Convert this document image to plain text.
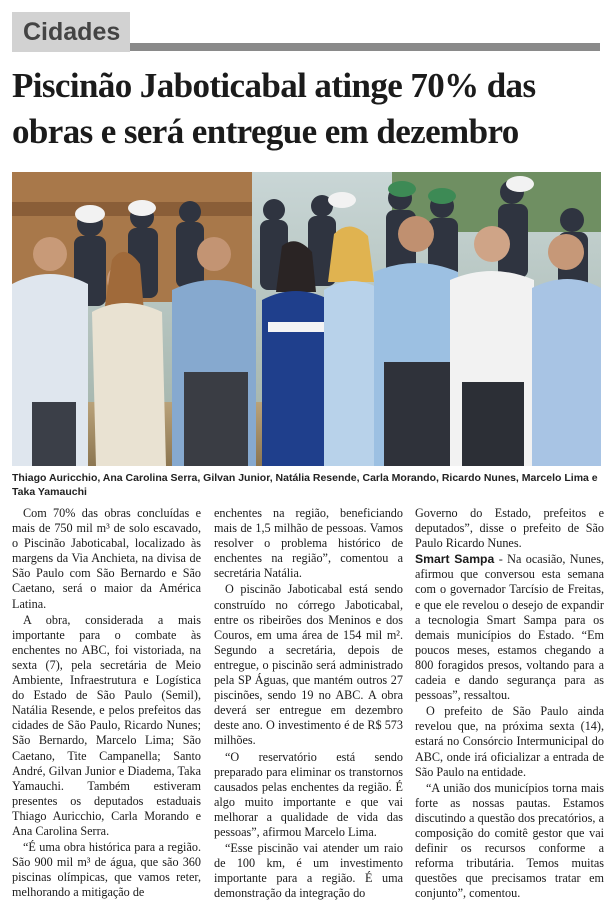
Cidades
Piscinão Jaboticabal atinge 70% das
obras e será entregue em dezembro

Thiago Auricchio, Ana Carolina Serra, Gilvan Junior, Natália Resende, Carla Morando, Ricardo Nunes, Marcelo Lima e Taka Yamauchi

Com 70% das obras concluídas e mais de 750 mil m³ de solo escavado, o Piscinão Jaboticabal, localizado às margens da Via Anchieta, na divisa de São Paulo com São Bernardo e São Caetano, será o maior da América Latina.

A obra, considerada a mais importante para o combate às enchentes no ABC, foi vistoriada, na sexta (7), pela secretária de Meio Ambiente, Infraestrutura e Logística do Estado de São Paulo (Semil), Natália Resende, e pelos prefeitos das cidades de São Paulo, Ricardo Nunes; São Bernardo, Marcelo Lima; São Caetano, Tite Campanella; Santo André, Gilvan Junior e Diadema, Taka Yamauchi. Também estiveram presentes os deputados estaduais Thiago Auricchio, Carla Morando e Ana Carolina Serra.

“É uma obra histórica para a região. São 900 mil m³ de água, que são 360 piscinas olímpicas, que vamos reter, melhorando a mitigação de

enchentes na região, beneficiando mais de 1,5 milhão de pessoas. Vamos resolver o problema histórico de enchentes na região”, comentou a secretária Natália.

O piscinão Jaboticabal está sendo construído no córrego Jaboticabal, entre os ribeirões dos Meninos e dos Couros, em uma área de 154 mil m². Segundo a secretária, depois de entregue, o piscinão será administrado pela SP Águas, que mantém outros 27 piscinões, sendo 19 no ABC. A obra deverá ser entregue em dezembro deste ano. O investimento é de R$ 573 milhões.

“O reservatório está sendo preparado para eliminar os transtornos causados pelas enchentes da região. É algo muito importante e que vai melhorar a qualidade de vida das pessoas”, afirmou Marcelo Lima.

“Esse piscinão vai atender um raio de 100 km, é um investimento importante para a região. É uma demonstração da integração do

Governo do Estado, prefeitos e deputados”, disse o prefeito de São Paulo Ricardo Nunes.

Smart Sampa - Na ocasião, Nunes, afirmou que conversou esta semana com o governador Tarcísio de Freitas, e que ele revelou o desejo de expandir a tecnologia Smart Sampa para os demais municípios do Estado. “Em poucos meses, estamos chegando a 800 foragidos presos, voltando para a cadeia e dando segurança para as pessoas”, ressaltou.

O prefeito de São Paulo ainda revelou que, na próxima sexta (14), estará no Consórcio Intermunicipal do ABC, onde irá oficializar a entrada de São Paulo na entidade.

“A união dos municípios torna mais forte as nossas pautas. Estamos discutindo a questão dos precatórios, a composição do comitê gestor que vai definir os recursos conforme a reforma tributária. Temos muitas questões que precisamos tratar em conjunto”, comentou.
